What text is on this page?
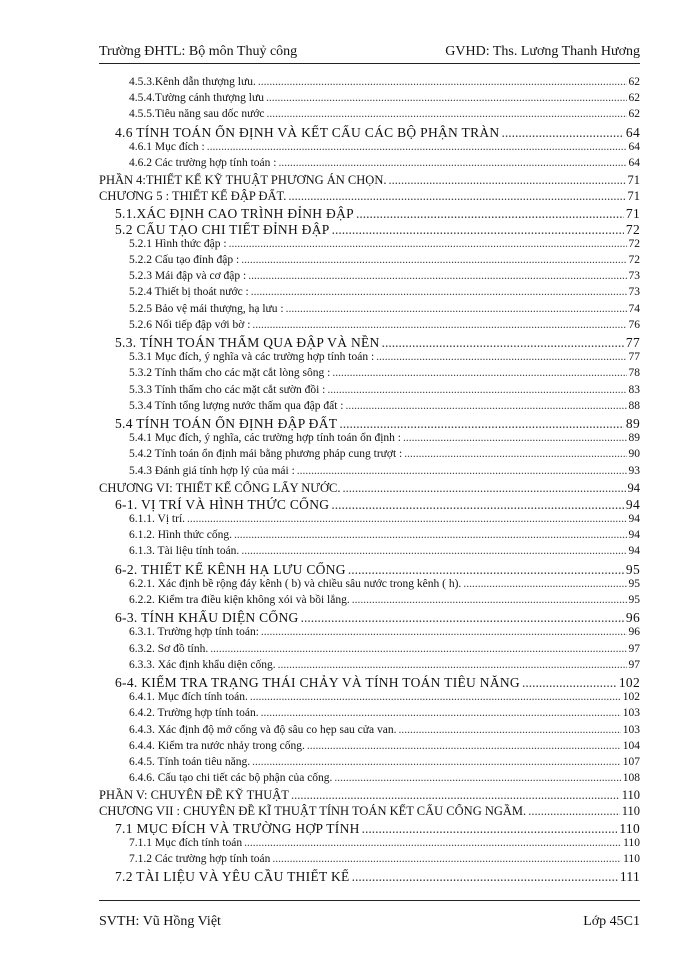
Trường ĐHTL: Bộ môn Thuỷ công	GVHD: Ths. Lương Thanh Hương
4.5.3.Kênh dẫn thượng lưu. .....	62
4.5.4.Tường cánh thượng lưu .....	62
4.5.5.Tiêu năng sau dốc nước .....	62
4.6 TÍNH TOÁN ỔN ĐỊNH VÀ KẾT CẤU CÁC BỘ PHẬN TRÀN .....	64
4.6.1 Mục đích : .....	64
4.6.2 Các trường hợp tính toán : .....	64
PHẦN 4:THIẾT KẾ KỸ THUẬT PHƯƠNG ÁN CHỌN. .....	71
CHƯƠNG 5 : THIẾT KẾ ĐẬP ĐẤT. .....	71
5.1.XÁC ĐỊNH CAO TRÌNH ĐỈNH ĐẬP .....	71
5.2 CẤU TẠO CHI TIẾT ĐỈNH ĐẬP .....	72
5.2.1 Hình thức đập : .....	72
5.2.2 Cấu tạo đỉnh đập : .....	72
5.2.3 Mái đập và cơ đập : .....	73
5.2.4 Thiết bị thoát nước : .....	73
5.2.5 Bảo vệ mái thượng, hạ lưu : .....	74
5.2.6 Nối tiếp đập với bờ : .....	76
5.3. TÍNH TOÁN THẤM QUA ĐẬP VÀ NỀN .....	77
5.3.1 Mục đích, ý nghĩa và các trường hợp tính toán : .....	77
5.3.2 Tính thấm cho các mặt cắt lòng sông : .....	78
5.3.3 Tính thấm cho các mặt cắt sườn đồi : .....	83
5.3.4 Tính tổng lượng nước thấm qua đập đất : .....	88
5.4 TÍNH TOÁN ỔN ĐỊNH ĐẬP ĐẤT .....	89
5.4.1 Mục đích, ý nghĩa, các trường hợp tính toán ổn định : .....	89
5.4.2 Tính toán ổn định mái bằng phương pháp cung trượt : .....	90
5.4.3 Đánh giá tính hợp lý của mái : .....	93
CHƯƠNG VI: THIẾT KẾ CỐNG LẤY NƯỚC. .....	94
6-1. VỊ TRÍ VÀ HÌNH THỨC CỐNG .....	94
6.1.1. Vị trí. .....	94
6.1.2. Hình thức cống. .....	94
6.1.3. Tài liệu tính toán. .....	94
6-2. THIẾT KẾ KÊNH HẠ LƯU CỐNG .....	95
6.2.1. Xác định bề rộng đáy kênh ( b) và chiều sâu nước trong kênh ( h). .....	95
6.2.2. Kiểm tra điều kiện không xói và bồi lắng. .....	95
6-3. TÍNH KHẨU DIỆN CỐNG .....	96
6.3.1. Trường hợp tính toán: .....	96
6.3.2. Sơ đồ tính. .....	97
6.3.3. Xác định khẩu diện cống. .....	97
6-4. KIỂM TRA TRẠNG THÁI CHẢY VÀ TÍNH TOÁN TIÊU NĂNG .....	102
6.4.1. Mục đích tính toán. .....	102
6.4.2. Trường hợp tính toán. .....	103
6.4.3. Xác định độ mở cống và độ sâu co hẹp sau cửa van. .....	103
6.4.4. Kiểm tra nước nhảy trong cống. .....	104
6.4.5. Tính toán tiêu năng. .....	107
6.4.6. Cấu tạo chi tiết các bộ phận của cống. .....	108
PHẦN V: CHUYÊN ĐỀ KỸ THUẬT .....	110
CHƯƠNG VII : CHUYÊN ĐỀ KĨ THUẬT TÍNH TOÁN KẾT CẤU CỐNG NGẦM. .....	110
7.1 MỤC ĐÍCH VÀ TRƯỜNG HỢP TÍNH .....	110
7.1.1 Mục đích tính toán .....	110
7.1.2 Các trường hợp tính toán .....	110
7.2 TÀI LIỆU VÀ YÊU CẦU THIẾT KẾ .....	111
SVTH: Vũ Hồng Việt	Lớp 45C1
